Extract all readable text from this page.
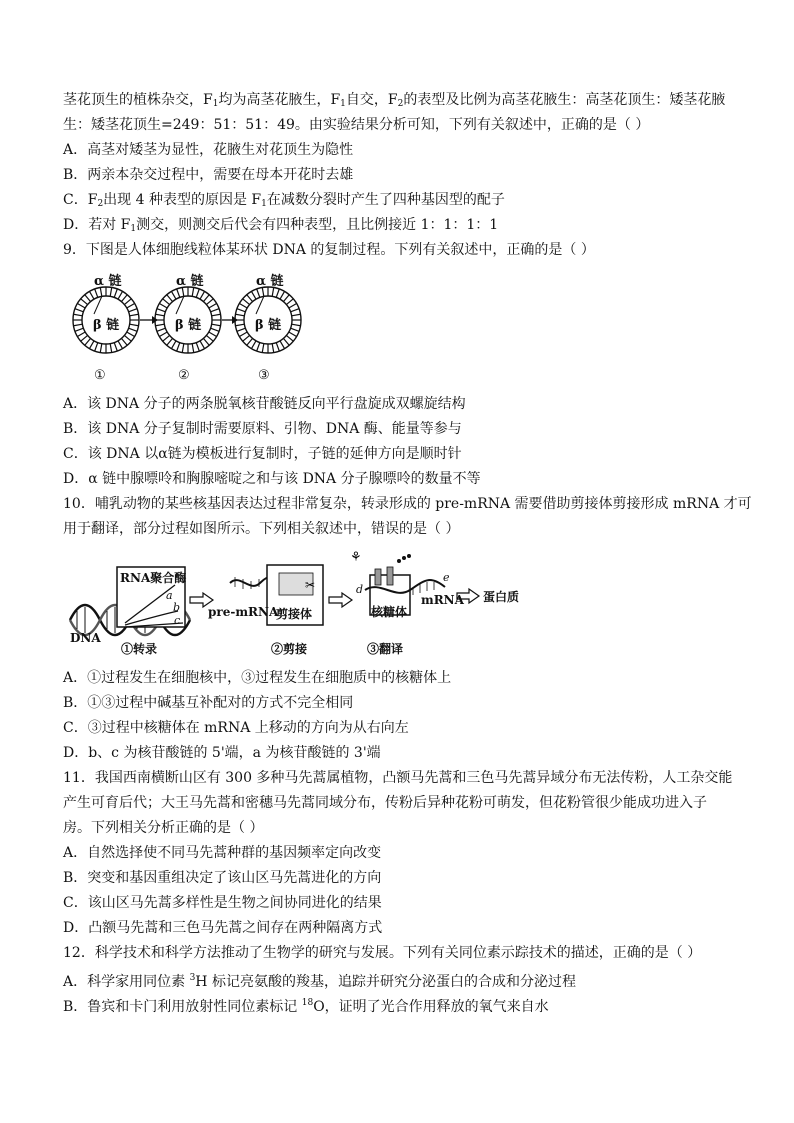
茎花顶生的植株杂交，$F_1$均为高茎花腋生，$F_1$自交，$F_2$的表型及比例为高茎花腋生：高茎花顶生：矮茎花腋
生：矮茎花顶生=249：51：51：49。由实验结果分析可知，下列有关叙述中，正确的是（ ）
A．高茎对矮茎为显性，花腋生对花顶生为隐性
B．两亲本杂交过程中，需要在母本开花时去雄
C．$F_2$出现 4 种表型的原因是 $F_1$在减数分裂时产生了四种基因型的配子
D．若对 $F_1$测交，则测交后代会有四种表型，且比例接近 1：1：1：1
9．下图是人体细胞线粒体某环状 DNA 的复制过程。下列有关叙述中，正确的是（ ）
α 链	α 链	α 链
β 链	β 链	β 链
①	②	③
A．该 DNA 分子的两条脱氧核苷酸链反向平行盘旋成双螺旋结构
B．该 DNA 分子复制时需要原料、引物、DNA 酶、能量等参与
C．该 DNA 以α链为模板进行复制时，子链的延伸方向是顺时针
D．α 链中腺嘌呤和胸腺嘧啶之和与该 DNA 分子腺嘌呤的数量不等
10．哺乳动物的某些核基因表达过程非常复杂，转录形成的 pre-mRNA 需要借助剪接体剪接形成 mRNA 才可
用于翻译，部分过程如图所示。下列相关叙述中，错误的是（ ）
✂
⚘
RNA聚合酶
a
b
c
DNA
①转录
pre-mRNA
剪接体
②剪接
d
e
核糖体
mRNA 蛋白质
③翻译
A．①过程发生在细胞核中，③过程发生在细胞质中的核糖体上
B．①③过程中碱基互补配对的方式不完全相同
C．③过程中核糖体在 mRNA 上移动的方向为从右向左
D．b、c 为核苷酸链的 5'端，a 为核苷酸链的 3'端
11．我国西南横断山区有 300 多种马先蒿属植物，凸额马先蒿和三色马先蒿异域分布无法传粉，人工杂交能
产生可育后代；大王马先蒿和密穗马先蒿同域分布，传粉后异种花粉可萌发，但花粉管很少能成功进入子
房。下列相关分析正确的是（ ）
A．自然选择使不同马先蒿种群的基因频率定向改变
B．突变和基因重组决定了该山区马先蒿进化的方向
C．该山区马先蒿多样性是生物之间协同进化的结果
D．凸额马先蒿和三色马先蒿之间存在两种隔离方式
12．科学技术和科学方法推动了生物学的研究与发展。下列有关同位素示踪技术的描述，正确的是（ ）
A．科学家用同位素 $^3$H 标记亮氨酸的羧基，追踪并研究分泌蛋白的合成和分泌过程
B．鲁宾和卡门利用放射性同位素标记 $^{18}$O，证明了光合作用释放的氧气来自水
